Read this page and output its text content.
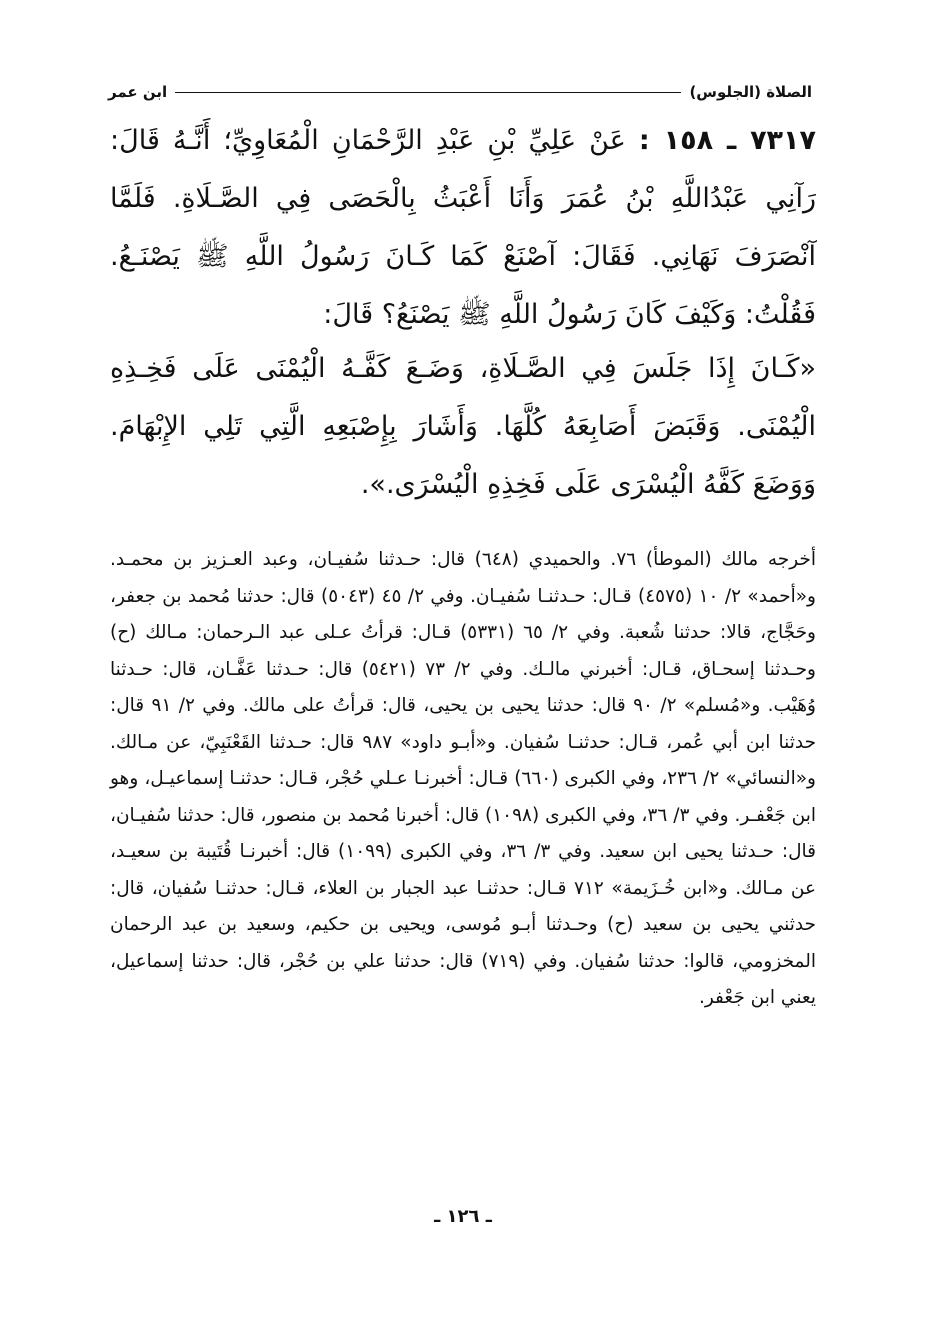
الصلاة (الجلوس)
ابن عمر

٧٣١٧ ـ ١٥٨ : عَنْ عَلِيِّ بْنِ عَبْدِ الرَّحْمَانِ الْمُعَاوِيِّ؛ أَنَّـهُ قَالَ: رَآنِي عَبْدُاللَّهِ بْنُ عُمَرَ وَأَنَا أَعْبَثُ بِالْحَصَى فِي الصَّـلَاةِ. فَلَمَّا آنْصَرَفَ نَهَانِي. فَقَالَ: آصْنَعْ كَمَا كَـانَ رَسُولُ اللَّهِ ﷺ يَصْنَـعُ. فَقُلْتُ: وَكَيْفَ كَانَ رَسُولُ اللَّهِ ﷺ يَصْنَعُ؟ قَالَ:

«كَـانَ إِذَا جَلَسَ فِي الصَّـلَاةِ، وَضَـعَ كَفَّـهُ الْيُمْنَى عَلَى فَخِـذِهِ الْيُمْنَى. وَقَبَضَ أَصَابِعَهُ كُلَّهَا. وَأَشَارَ بِإِصْبَعِهِ الَّتِي تَلِي الإِبْهَامَ. وَوَضَعَ كَفَّهُ الْيُسْرَى عَلَى فَخِذِهِ الْيُسْرَى.».

أخرجه مالك (الموطأ) ٧٦. والحميدي (٦٤٨) قال: حـدثنا سُفيـان، وعبد العـزيز بن محمـد. و«أحمد» ٢/ ١٠ (٤٥٧٥) قـال: حـدثنـا سُفيـان. وفي ٢/ ٤٥ (٥٠٤٣) قال: حدثنا مُحمد بن جعفر، وحَجَّاج، قالا: حدثنا شُعبة. وفي ٢/ ٦٥ (٥٣٣١) قـال: قرأتُ عـلى عبد الـرحمان: مـالك (ح) وحـدثنا إسحـاق، قـال: أخبرني مالـك. وفي ٢/ ٧٣ (٥٤٢١) قال: حـدثنا عَفَّـان، قال: حـدثنا وُهَيْب. و«مُسلم» ٢/ ٩٠ قال: حدثنا يحيى بن يحيى، قال: قرأتُ على مالك. وفي ٢/ ٩١ قال: حدثنا ابن أبي عُمر، قـال: حدثنـا سُفيان. و«أبـو داود» ٩٨٧ قال: حـدثنا القَعْنَبِيّ، عن مـالك. و«النسائي» ٢/ ٢٣٦، وفي الكبرى (٦٦٠) قـال: أخبرنـا عـلي حُجْر، قـال: حدثنـا إسماعيـل، وهو ابن جَعْفـر. وفي ٣/ ٣٦، وفي الكبرى (١٠٩٨) قال: أخبرنا مُحمد بن منصور، قال: حدثنا سُفيـان، قال: حـدثنا يحيى ابن سعيد. وفي ٣/ ٣٦، وفي الكبرى (١٠٩٩) قال: أخبرنـا قُتَيبة بن سعيـد، عن مـالك. و«ابن خُـزَيمة» ٧١٢ قـال: حدثنـا عبد الجبار بن العلاء، قـال: حدثنـا سُفيان، قال: حدثني يحيى بن سعيد (ح) وحـدثنا أبـو مُوسى، ويحيى بن حكيم، وسعيد بن عبد الرحمان المخزومي، قالوا: حدثنا سُفيان. وفي (٧١٩) قال: حدثنا علي بن حُجْر، قال: حدثنا إسماعيل، يعني ابن جَعْفر.

ـ ١٢٦ ـ
